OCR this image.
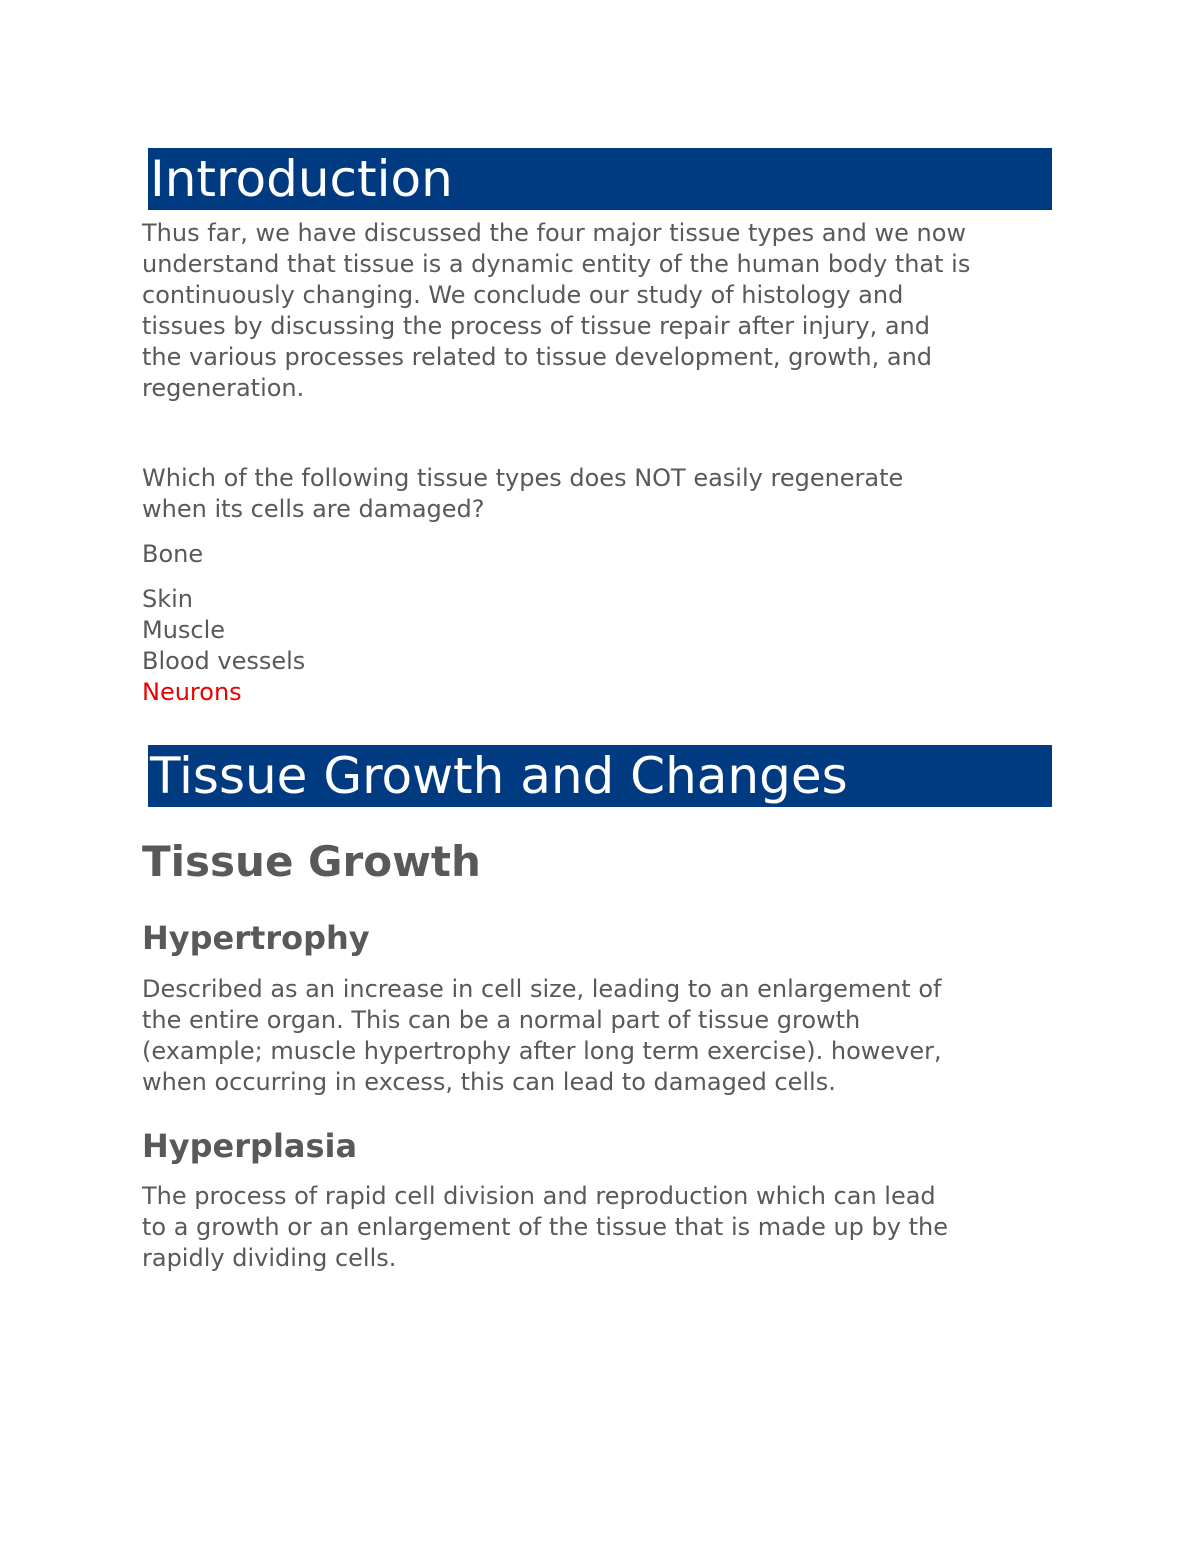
Introduction

Thus far, we have discussed the four major tissue types and we now
understand that tissue is a dynamic entity of the human body that is
continuously changing. We conclude our study of histology and
tissues by discussing the process of tissue repair after injury, and
the various processes related to tissue development, growth, and
regeneration.

Which of the following tissue types does NOT easily regenerate
when its cells are damaged?

Bone

Skin

Muscle

Blood vessels

Neurons

Tissue Growth and Changes
Tissue Growth
Hypertrophy

Described as an increase in cell size, leading to an enlargement of
the entire organ. This can be a normal part of tissue growth
(example; muscle hypertrophy after long term exercise). however,
when occurring in excess, this can lead to damaged cells.

Hyperplasia

The process of rapid cell division and reproduction which can lead
to a growth or an enlargement of the tissue that is made up by the
rapidly dividing cells.
